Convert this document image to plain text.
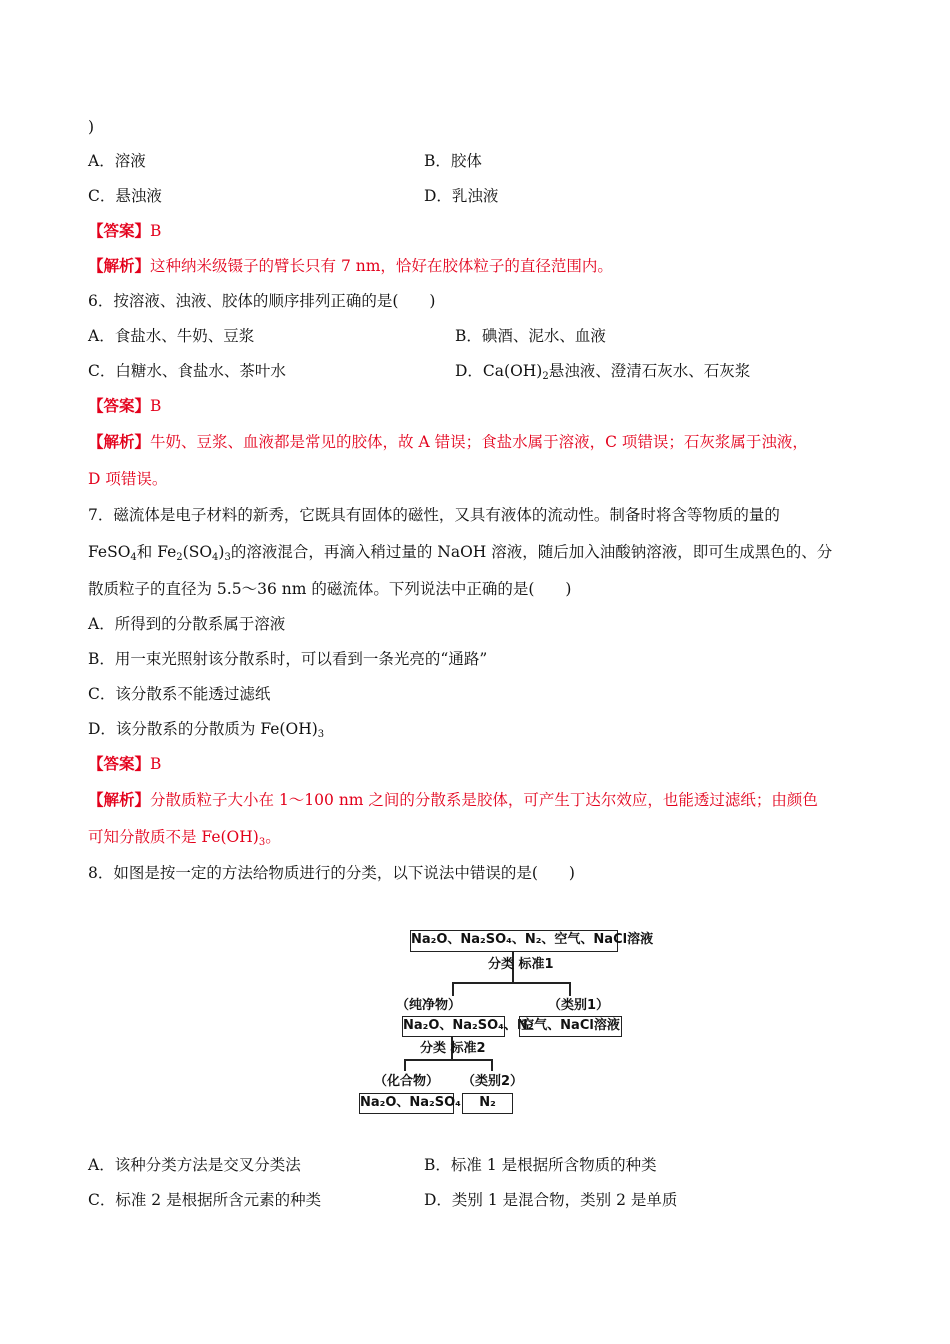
)
A．溶液	B．胶体
C．悬浊液	D．乳浊液
【答案】B
【解析】这种纳米级镊子的臂长只有 7 nm，恰好在胶体粒子的直径范围内。
6．按溶液、浊液、胶体的顺序排列正确的是(　　)
A．食盐水、牛奶、豆浆	B．碘酒、泥水、血液
C．白糖水、食盐水、茶叶水	D．$Ca(OH)_2$悬浊液、澄清石灰水、石灰浆
【答案】B
【解析】牛奶、豆浆、血液都是常见的胶体，故 A 错误；食盐水属于溶液，C 项错误；石灰浆属于浊液，
D 项错误。
7．磁流体是电子材料的新秀，它既具有固体的磁性，又具有液体的流动性。制备时将含等物质的量的
FeSO$_4$和 $Fe_2(SO_4)_3$的溶液混合，再滴入稍过量的 NaOH 溶液，随后加入油酸钠溶液，即可生成黑色的、分
散质粒子的直径为 5.5～36 nm 的磁流体。下列说法中正确的是(　　)
A．所得到的分散系属于溶液
B．用一束光照射该分散系时，可以看到一条光亮的“通路”
C．该分散系不能透过滤纸
D．该分散系的分散质为 $Fe(OH)_3$
【答案】B
【解析】分散质粒子大小在 1～100 nm 之间的分散系是胶体，可产生丁达尔效应，也能透过滤纸；由颜色
可知分散质不是 $Fe(OH)_3$。
8．如图是按一定的方法给物质进行的分类，以下说法中错误的是(　　)
Na₂O、Na₂SO₄、N₂、空气、NaCl溶液
分类 标准1
（纯净物）	（类别1）
Na₂O、Na₂SO₄、N₂
空气、NaCl溶液
分类 标准2
（化合物） （类别2）
Na₂O、Na₂SO₄	N₂
A．该种分类方法是交叉分类法	B．标准 1 是根据所含物质的种类
C．标准 2 是根据所含元素的种类	D．类别 1 是混合物，类别 2 是单质
